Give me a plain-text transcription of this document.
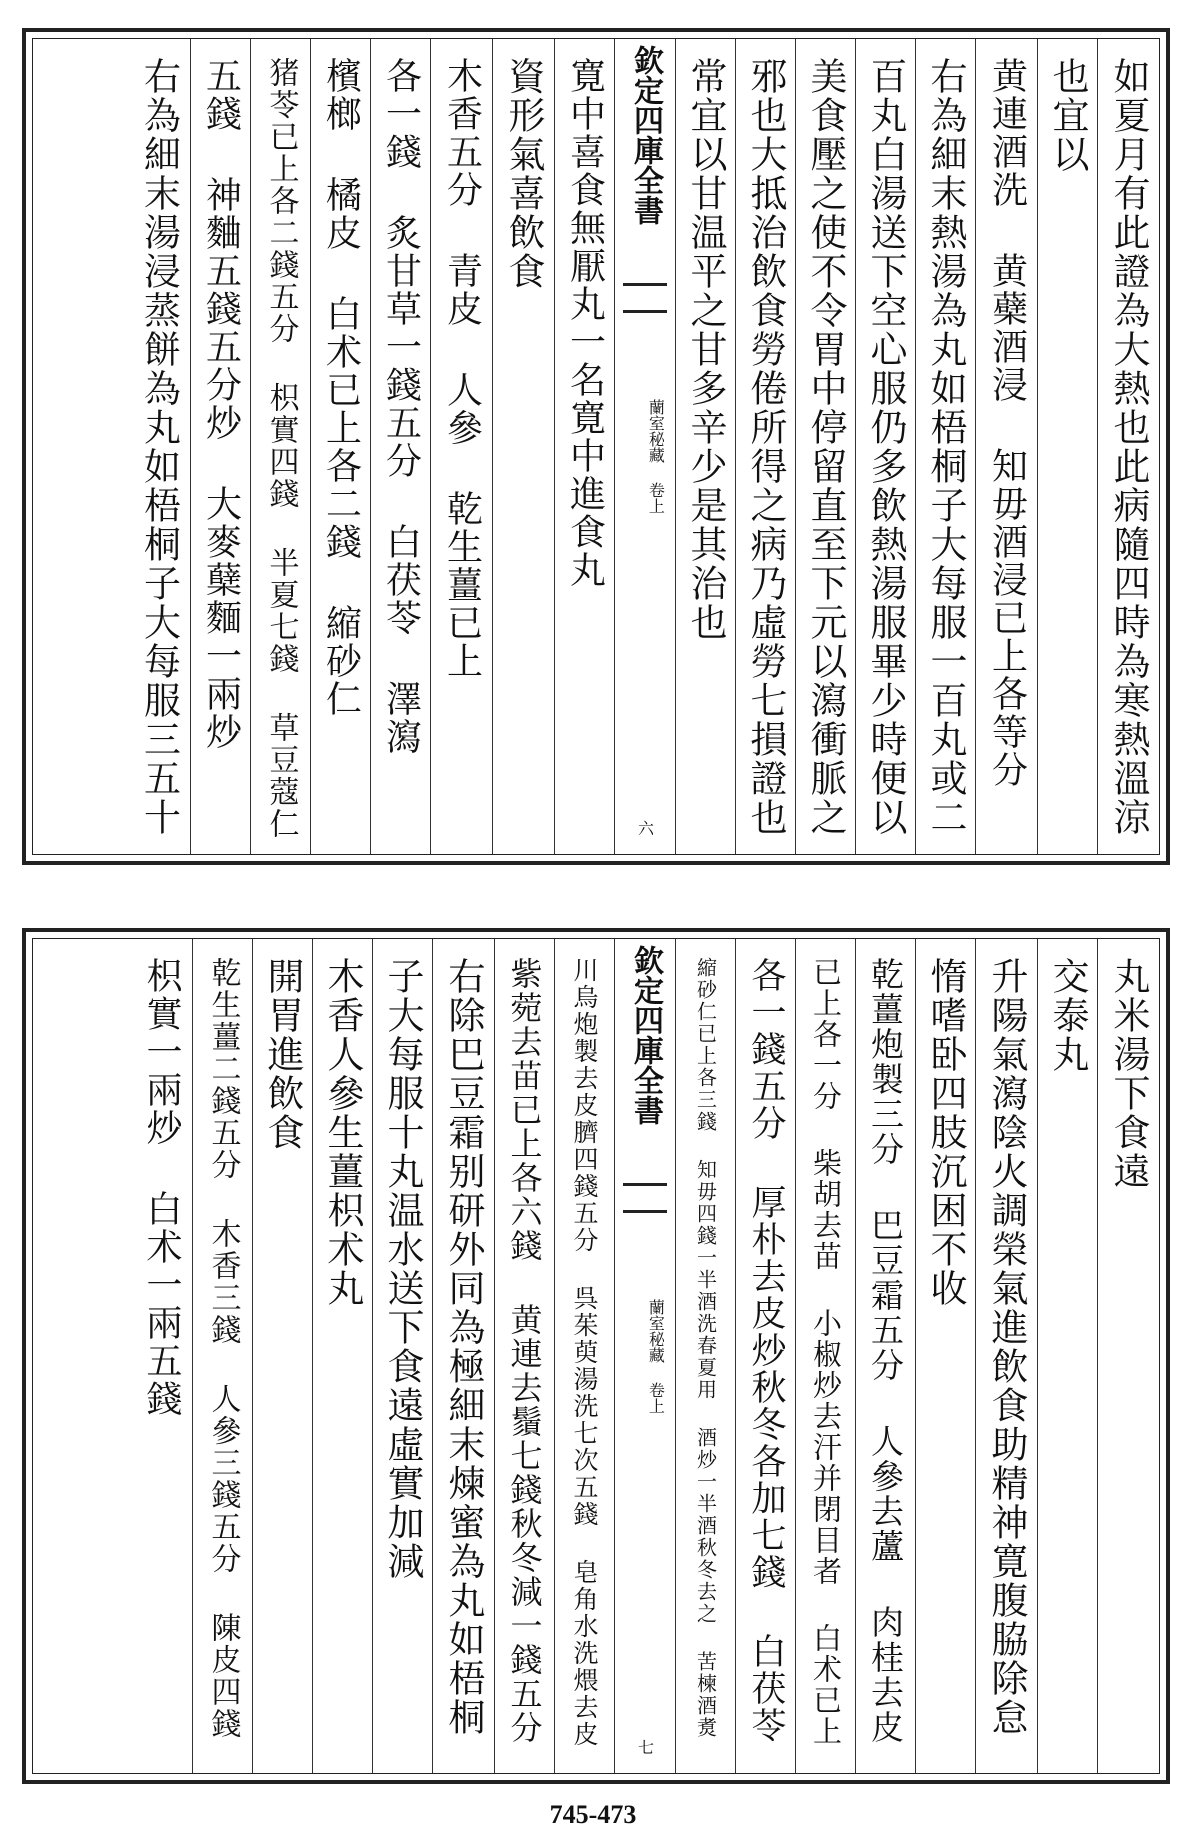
如夏月有此證為大熱也此病隨四時為寒熱溫涼
也宜以
黄連酒洗 黄蘗酒浸 知毋酒浸已上各等分
右為細末熱湯為丸如梧桐子大每服一百丸或二
百丸白湯送下空心服仍多飲熱湯服畢少時便以
美食壓之使不令胃中停留直至下元以瀉衝脈之
邪也大抵治飲食勞倦所得之病乃虛勞七損證也
常宜以甘温平之甘多辛少是其治也
欽定四庫全書
蘭室秘藏 卷上
六
寛中喜食無厭丸一名寛中進食丸
資形氣喜飲食
木香五分 青皮 人參 乾生薑已上
各一錢 炙甘草一錢五分 白茯苓 澤瀉
檳榔 橘皮 白术已上各二錢 縮砂仁
猪苓已上各二錢五分 枳實四錢 半夏七錢 草豆蔻仁
五錢 神麯五錢五分炒 大麥蘖麵一兩炒
右為細末湯浸蒸餅為丸如梧桐子大每服三五十
丸米湯下食遠
交泰丸
升陽氣瀉陰火調榮氣進飲食助精神寛腹脇除怠
惰嗜卧四肢沉困不收
乾薑炮製三分 巴豆霜五分 人參去蘆 肉桂去皮
已上各一分 柴胡去苗 小椒炒去汗并閉目者 白术已上
各一錢五分 厚朴去皮炒秋冬各加七錢 白茯苓
縮砂仁已上各三錢 知毋四錢一半酒洗春夏用 酒炒一半酒秋冬去之 苦楝酒煑
欽定四庫全書
蘭室秘藏 卷上
七
川烏炮製去皮臍四錢五分 呉茱萸湯洗七次五錢 皂角水洗煨去皮
紫菀去苗已上各六錢 黄連去鬚七錢秋冬減一錢五分
右除巴豆霜别研外同為極細末煉蜜為丸如梧桐
子大每服十丸温水送下食遠虛實加減
木香人參生薑枳术丸
開胃進飲食
乾生薑二錢五分 木香三錢 人參三錢五分 陳皮四錢
枳實一兩炒 白术一兩五錢
745-473
